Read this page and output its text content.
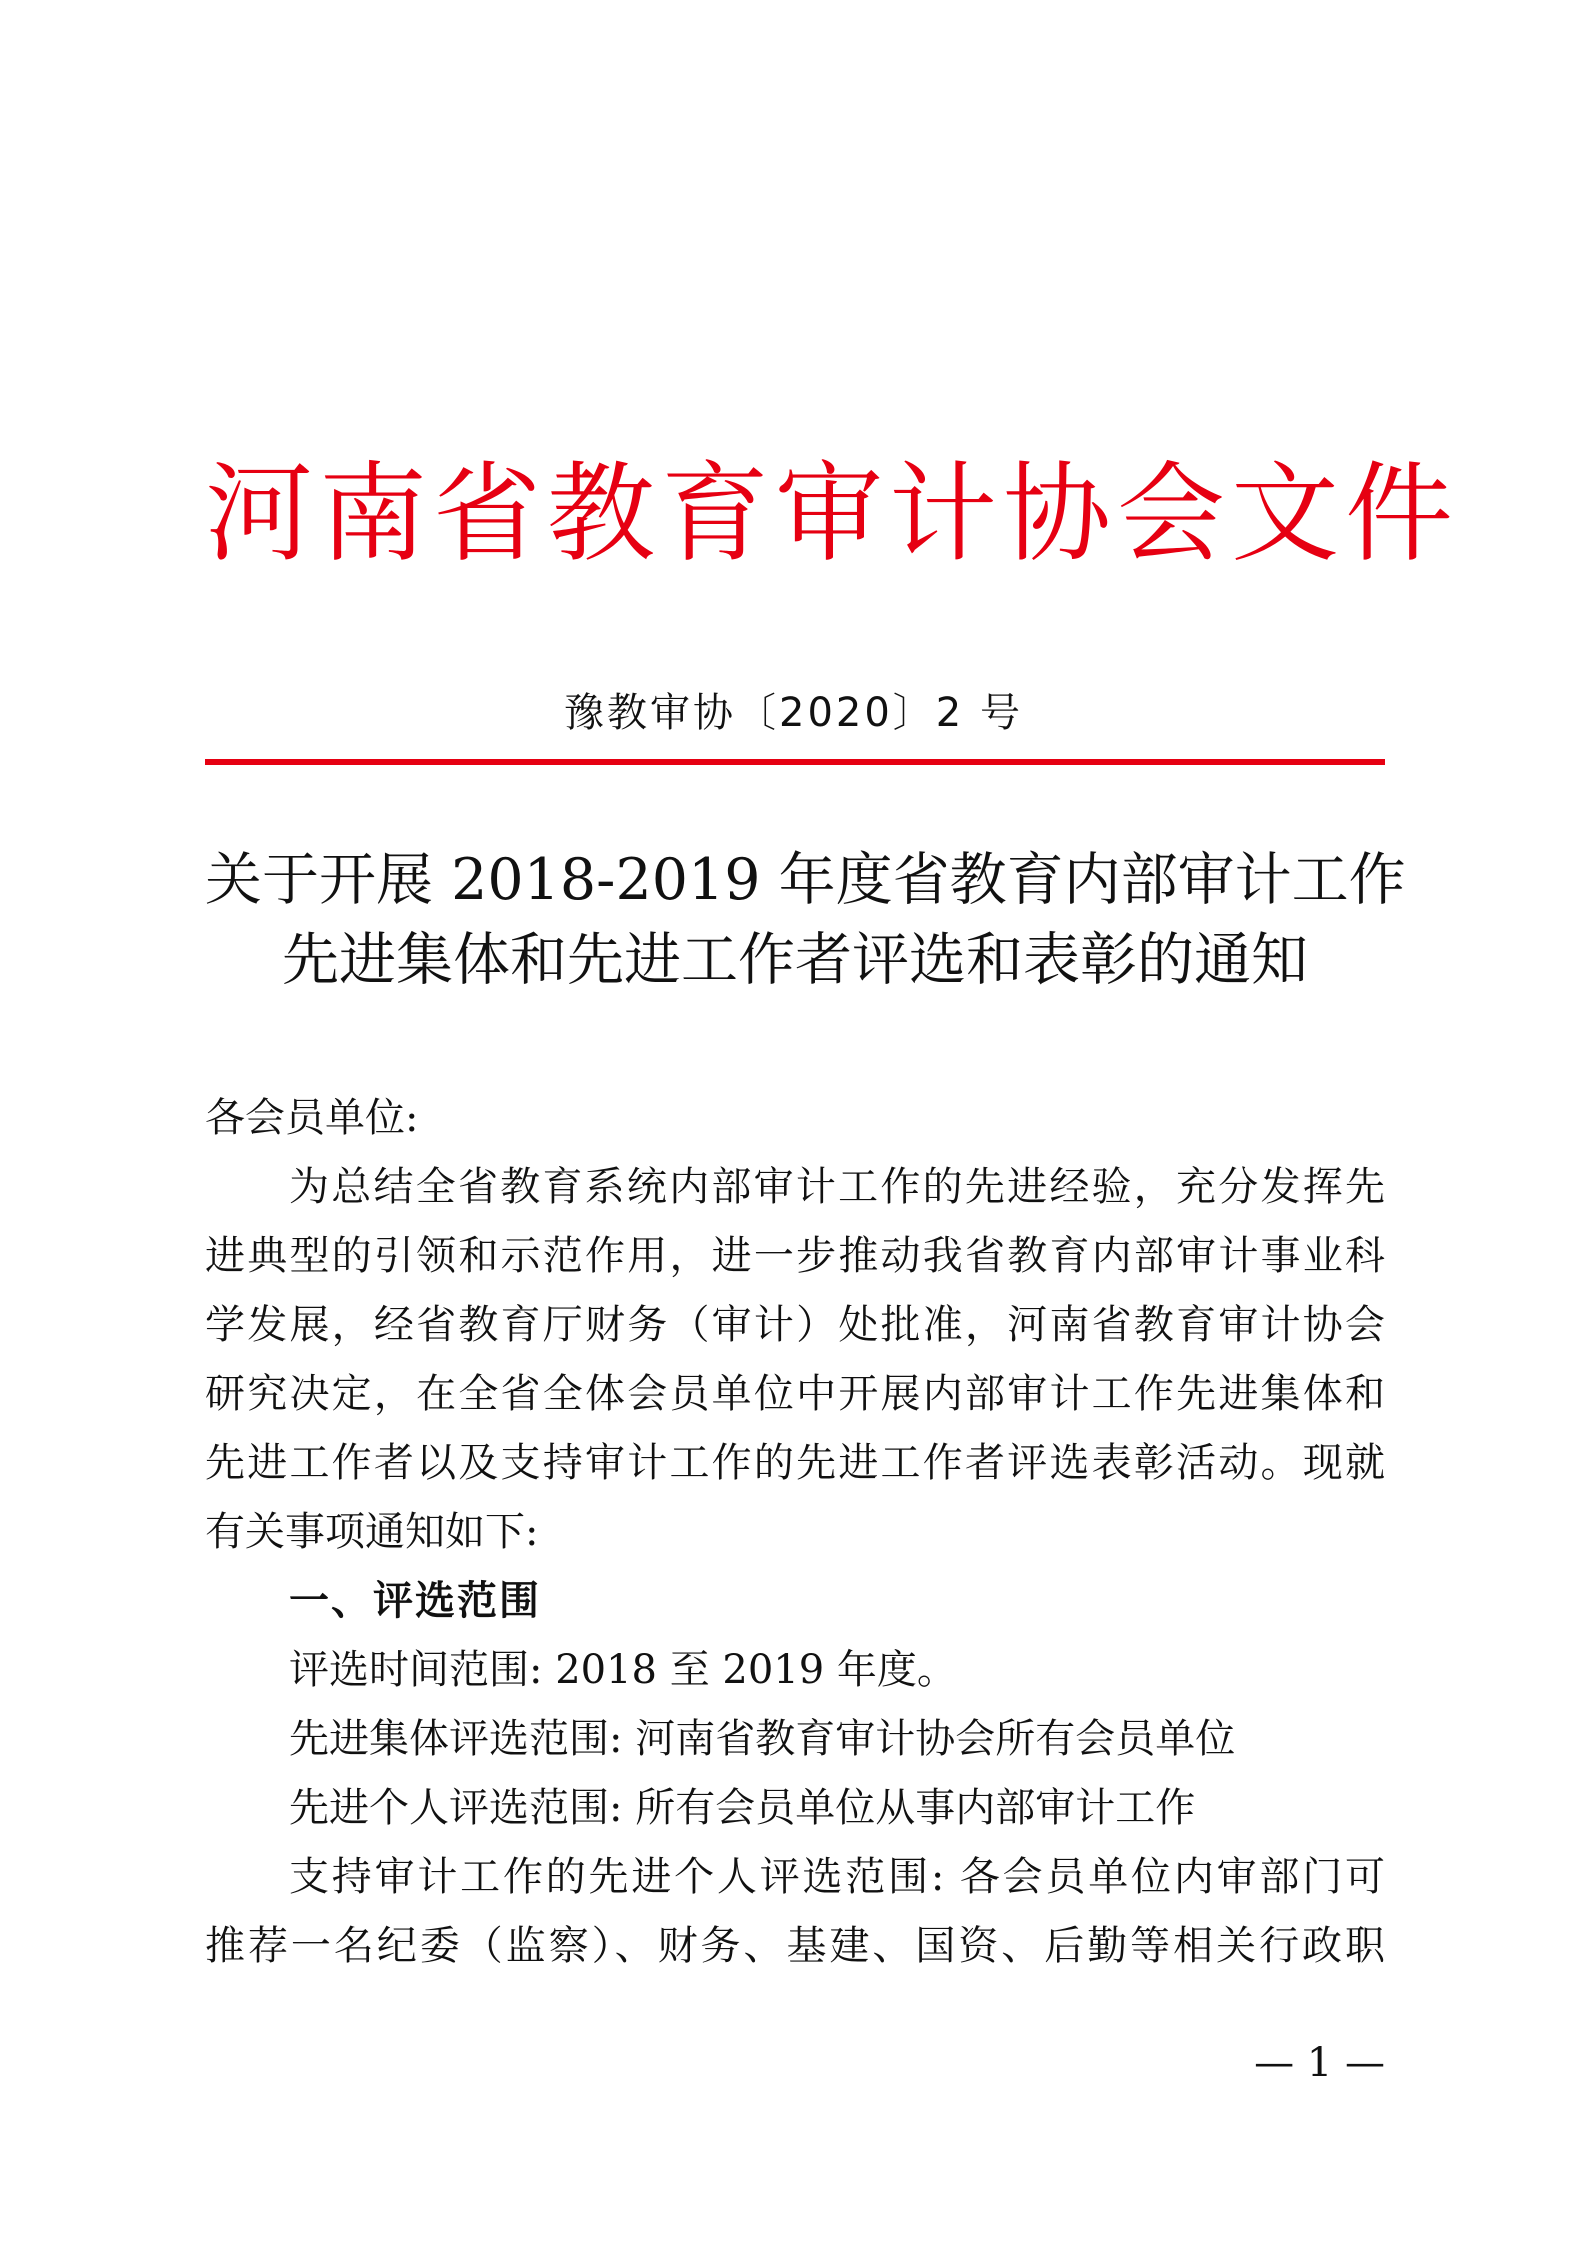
河南省教育审计协会文件
豫教审协〔2020〕2 号
关于开展 2018-2019 年度省教育内部审计工作
先进集体和先进工作者评选和表彰的通知
各会员单位:
为总结全省教育系统内部审计工作的先进经验，充分发挥先
进典型的引领和示范作用，进一步推动我省教育内部审计事业科
学发展，经省教育厅财务（审计）处批准，河南省教育审计协会
研究决定，在全省全体会员单位中开展内部审计工作先进集体和
先进工作者以及支持审计工作的先进工作者评选表彰活动。现就
有关事项通知如下:
一、评选范围
评选时间范围: 2018 至 2019 年度。
先进集体评选范围: 河南省教育审计协会所有会员单位
先进个人评选范围: 所有会员单位从事内部审计工作
支持审计工作的先进个人评选范围: 各会员单位内审部门可
推荐一名纪委（监察）、财务、基建、国资、后勤等相关行政职
— 1 —
